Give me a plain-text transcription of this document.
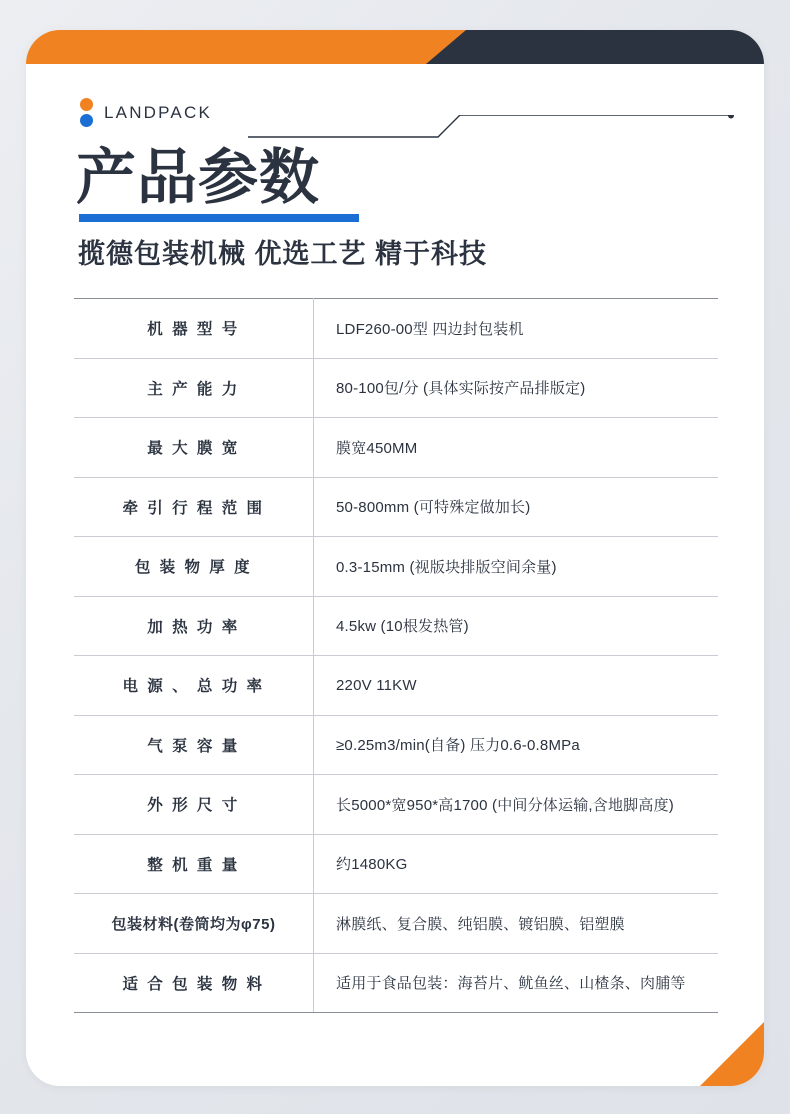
LANDPACK
产品参数
揽德包装机械 优选工艺 精于科技
机 器 型 号	LDF260-00型 四边封包装机
主 产 能 力	80-100包/分 (具体实际按产品排版定)
最 大 膜 宽	膜宽450MM
牵 引 行 程 范 围	50-800mm (可特殊定做加长)
包 装 物 厚 度	0.3-15mm (视版块排版空间余量)
加 热 功 率	4.5kw (10根发热管)
电 源 、 总 功 率	220V 11KW
气 泵 容 量	≥0.25m3/min(自备) 压力0.6-0.8MPa
外 形 尺 寸	长5000*宽950*高1700 (中间分体运输,含地脚高度)
整 机 重 量	约1480KG
包装材料(卷筒均为φ75)	淋膜纸、复合膜、纯铝膜、镀铝膜、铝塑膜
适 合 包 装 物 料	适用于食品包装：海苔片、鱿鱼丝、山楂条、肉脯等
